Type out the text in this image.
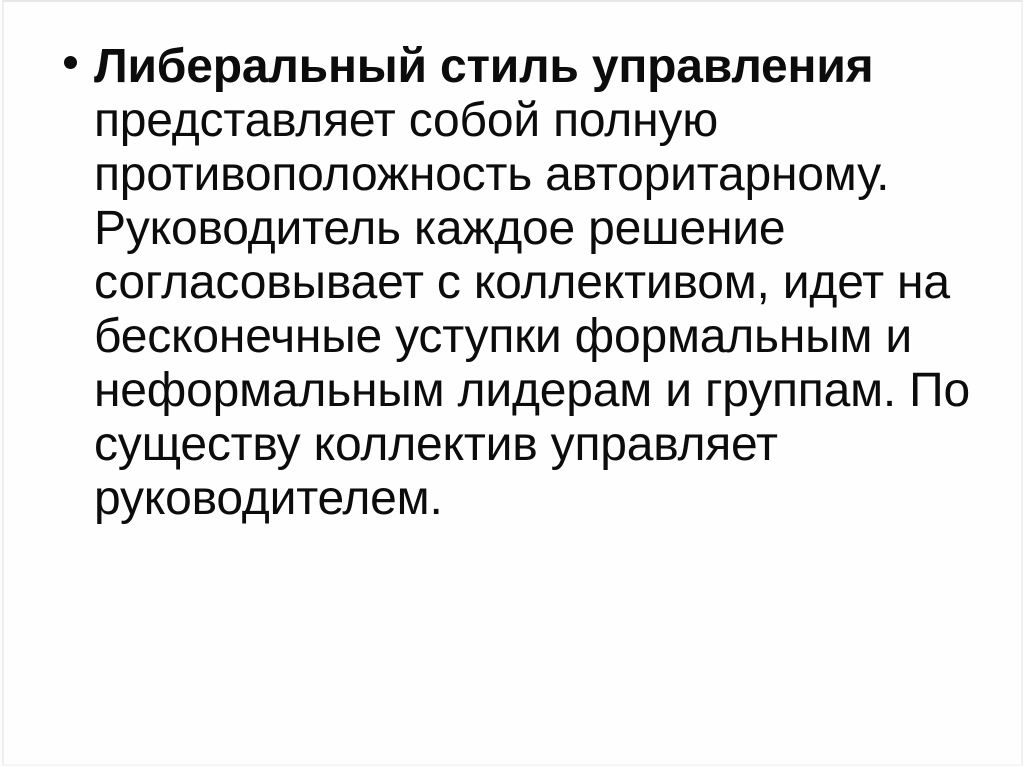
Либеральный стиль управления
представляет собой полную
противоположность авторитарному.
Руководитель каждое решение
согласовывает с коллективом, идет на
бесконечные уступки формальным и
неформальным лидерам и группам. По
существу коллектив управляет
руководителем.
